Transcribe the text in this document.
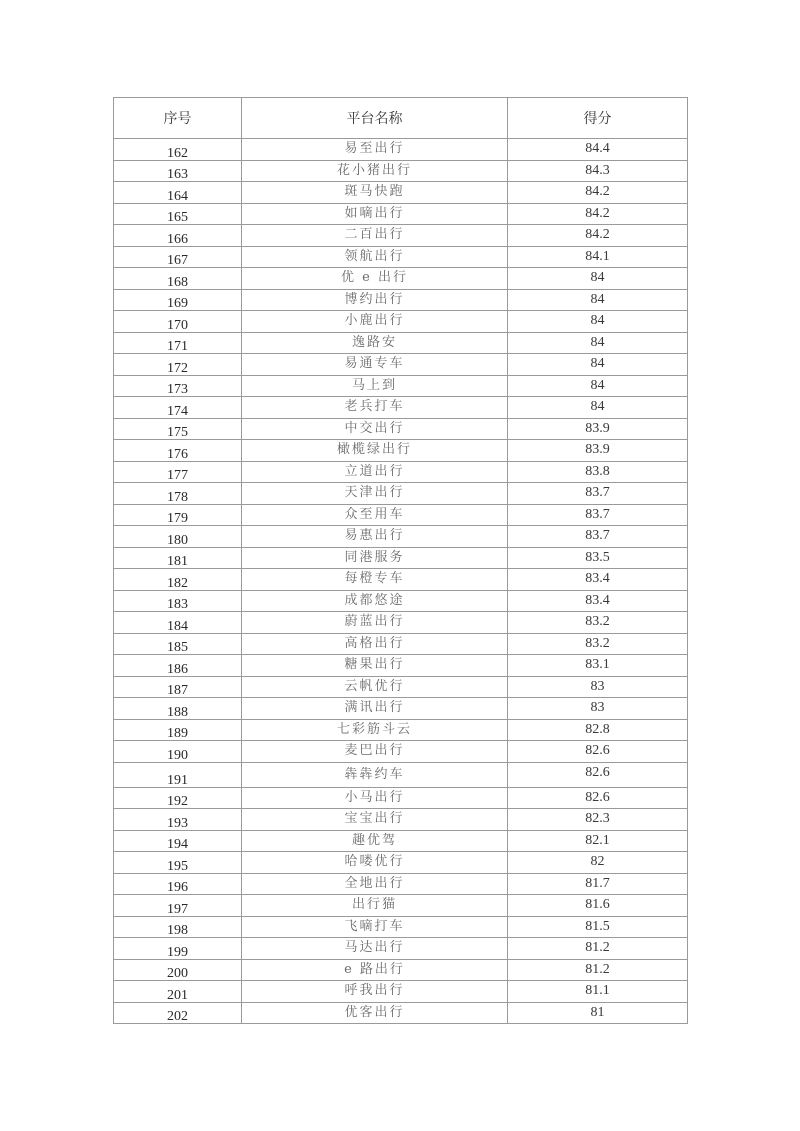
序号	平台名称	得分
162	易至出行	84.4
163	花小猪出行	84.3
164	斑马快跑	84.2
165	如嘀出行	84.2
166	二百出行	84.2
167	领航出行	84.1
168	优 e 出行	84
169	博约出行	84
170	小鹿出行	84
171	逸路安	84
172	易通专车	84
173	马上到	84
174	老兵打车	84
175	中交出行	83.9
176	橄榄绿出行	83.9
177	立道出行	83.8
178	天津出行	83.7
179	众至用车	83.7
180	易惠出行	83.7
181	同港服务	83.5
182	每橙专车	83.4
183	成都悠途	83.4
184	蔚蓝出行	83.2
185	高格出行	83.2
186	糖果出行	83.1
187	云帆优行	83
188	满讯出行	83
189	七彩筋斗云	82.8
190	麦巴出行	82.6
191	犇犇约车	82.6
192	小马出行	82.6
193	宝宝出行	82.3
194	趣优驾	82.1
195	哈喽优行	82
196	全地出行	81.7
197	出行猫	81.6
198	飞嘀打车	81.5
199	马达出行	81.2
200	e 路出行	81.2
201	呼我出行	81.1
202	优客出行	81
